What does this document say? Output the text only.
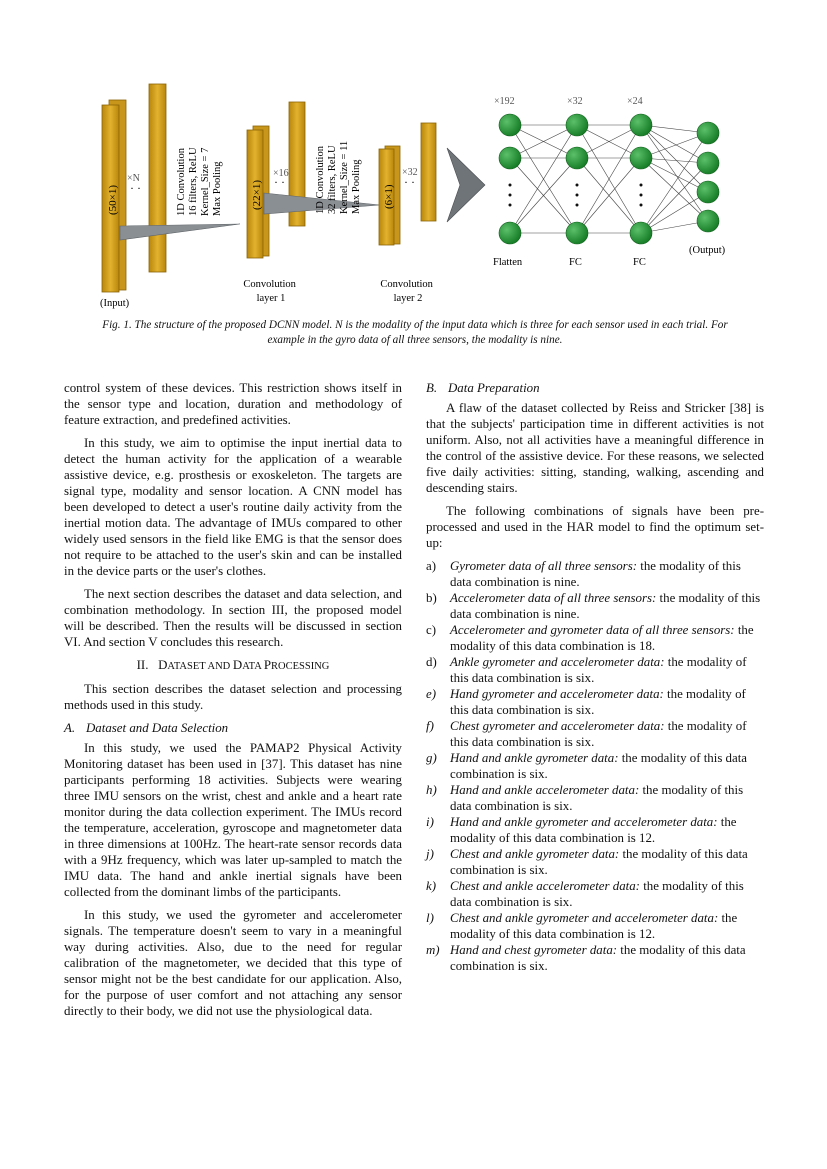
(50×1)
×N
· ·	1D Convolution 16 filters, ReLU Kernel_Size = 7 Max Pooling
(Input)
(22×1)
×16
· ·	1D Convolution 32 filters, ReLU Kernel_Size = 11 Max Pooling
Convolution layer 1
(6×1)
×32
· ·
Convolution layer 2
×192	×32	×24
Flatten	FC	FC
(Output)
Fig. 1. The structure of the proposed DCNN model. N is the modality of the input data which is three for each sensor used in each trial. For example in the gyro data of all three sensors, the modality is nine.

control system of these devices. This restriction shows itself in the sensor type and location, duration and methodology of feature extraction, and predefined activities.

In this study, we aim to optimise the input inertial data to detect the human activity for the application of a wearable assistive device, e.g. prosthesis or exoskeleton. The targets are signal type, modality and sensor location. A CNN model has been developed to detect a user's routine daily activity from the inertial motion data. The advantage of IMUs compared to other widely used sensors in the field like EMG is that the sensor does not require to be attached to the user's skin and can be installed in the device parts or the user's clothes.

The next section describes the dataset and data selection, and combination methodology. In section III, the proposed model will be described. Then the results will be discussed in section VI. And section V concludes this research.

II. DATASET AND DATA PROCESSING

This section describes the dataset selection and processing methods used in this study.

A. Dataset and Data Selection

In this study, we used the PAMAP2 Physical Activity Monitoring dataset has been used in [37]. This dataset has nine participants performing 18 activities. Subjects were wearing three IMU sensors on the wrist, chest and ankle and a heart rate monitor during the data collection experiment. The IMUs record the temperature, acceleration, gyroscope and magnetometer data in three dimensions at 100Hz. The heart-rate sensor records data with a 9Hz frequency, which was later up-sampled to match the IMU data. The hand and ankle inertial signals have been collected from the dominant limbs of the participants.

In this study, we used the gyrometer and accelerometer signals. The temperature doesn't seem to vary in a meaningful way during activities. Also, due to the need for regular calibration of the magnetometer, we decided that this type of sensor might not be the best candidate for our application. Also, for the purpose of user comfort and not attaching any sensor directly to their body, we did not use the physiological data.

B. Data Preparation

A flaw of the dataset collected by Reiss and Stricker [38] is that the subjects' participation time in different activities is not uniform. Also, not all activities have a meaningful difference in the control of the assistive device. For these reasons, we selected five daily activities: sitting, standing, walking, ascending and descending stairs.

The following combinations of signals have been pre-processed and used in the HAR model to find the optimum set-up:

a) Gyrometer data of all three sensors: the modality of this data combination is nine.
b) Accelerometer data of all three sensors: the modality of this data combination is nine.
c) Accelerometer and gyrometer data of all three sensors: the modality of this data combination is 18.
d) Ankle gyrometer and accelerometer data: the modality of this data combination is six.
e) Hand gyrometer and accelerometer data: the modality of this data combination is six.
f) Chest gyrometer and accelerometer data: the modality of this data combination is six.
g) Hand and ankle gyrometer data: the modality of this data combination is six.
h) Hand and ankle accelerometer data: the modality of this data combination is six.
i) Hand and ankle gyrometer and accelerometer data: the modality of this data combination is 12.
j) Chest and ankle gyrometer data: the modality of this data combination is six.
k) Chest and ankle accelerometer data: the modality of this data combination is six.
l) Chest and ankle gyrometer and accelerometer data: the modality of this data combination is 12.
m) Hand and chest gyrometer data: the modality of this data combination is six.
